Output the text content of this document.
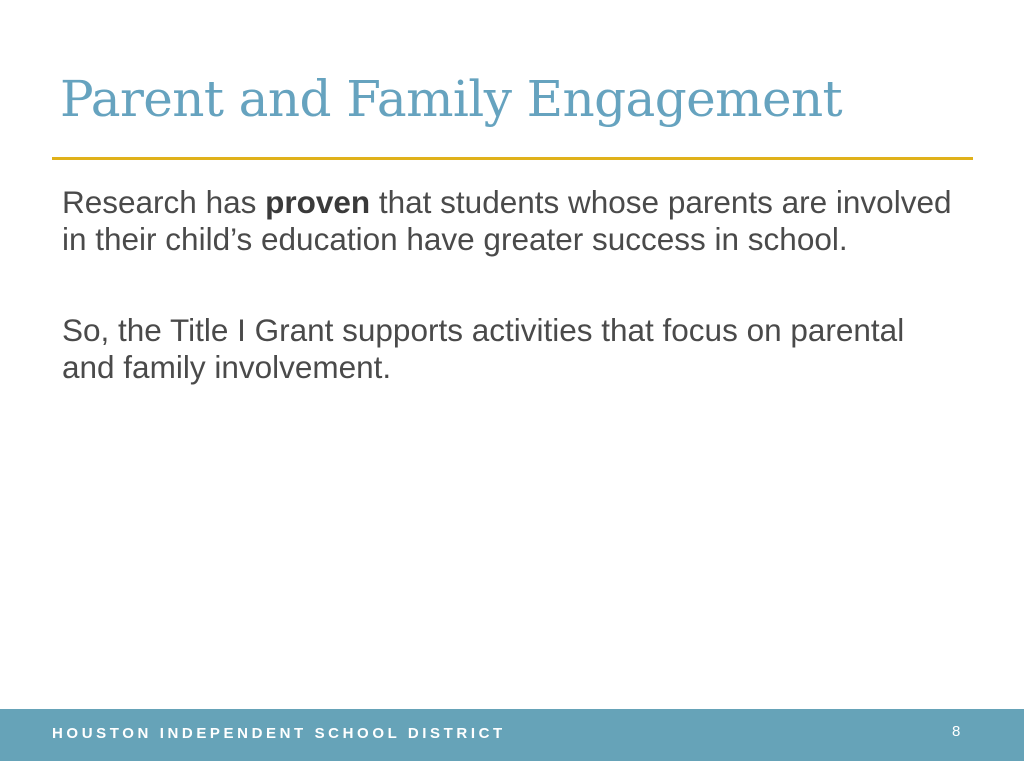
Parent and Family Engagement

Research has proven that students whose parents are involved in their child’s education have greater success in school.

So, the Title I Grant supports activities that focus on parental and family involvement.

HOUSTON INDEPENDENT SCHOOL DISTRICT	8
